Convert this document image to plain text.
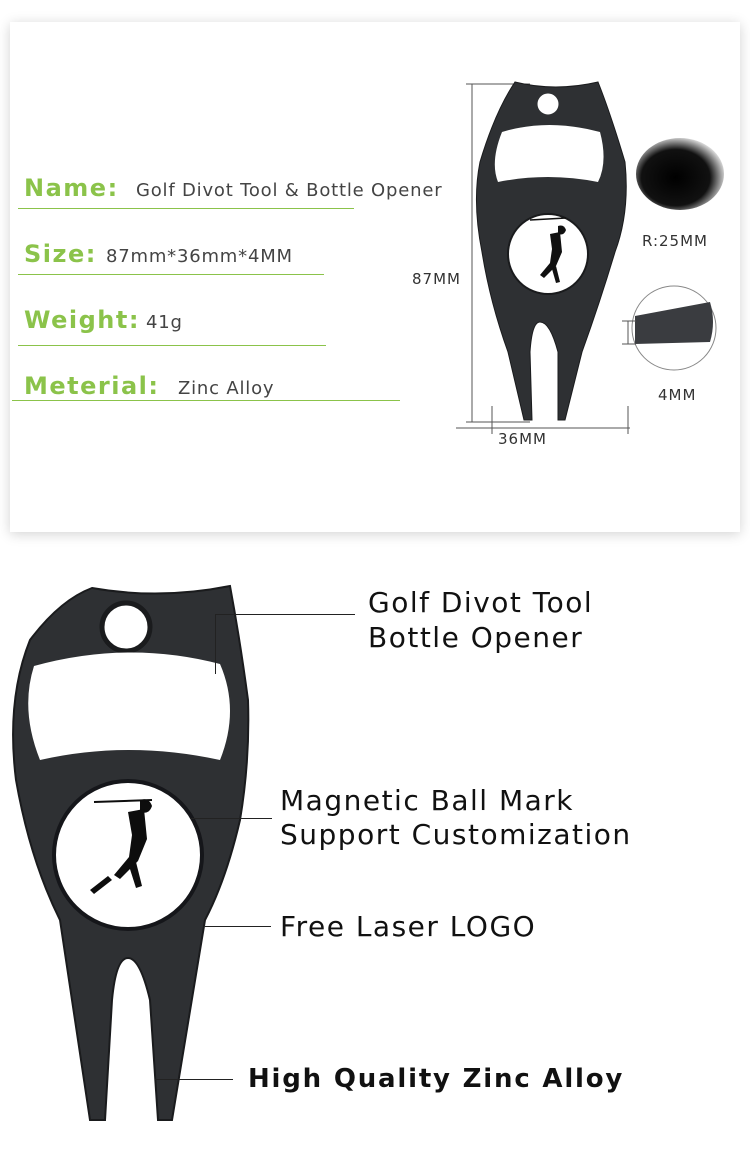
Name: Golf Divot Tool & Bottle Opener
Size: 87mm*36mm*4MM
Weight: 41g
Meterial: Zinc Alloy
87MM
36MM
4MM
R:25MM
Golf Divot Tool
Bottle Opener
Magnetic Ball Mark
Support Customization
Free Laser LOGO
High Quality Zinc Alloy
